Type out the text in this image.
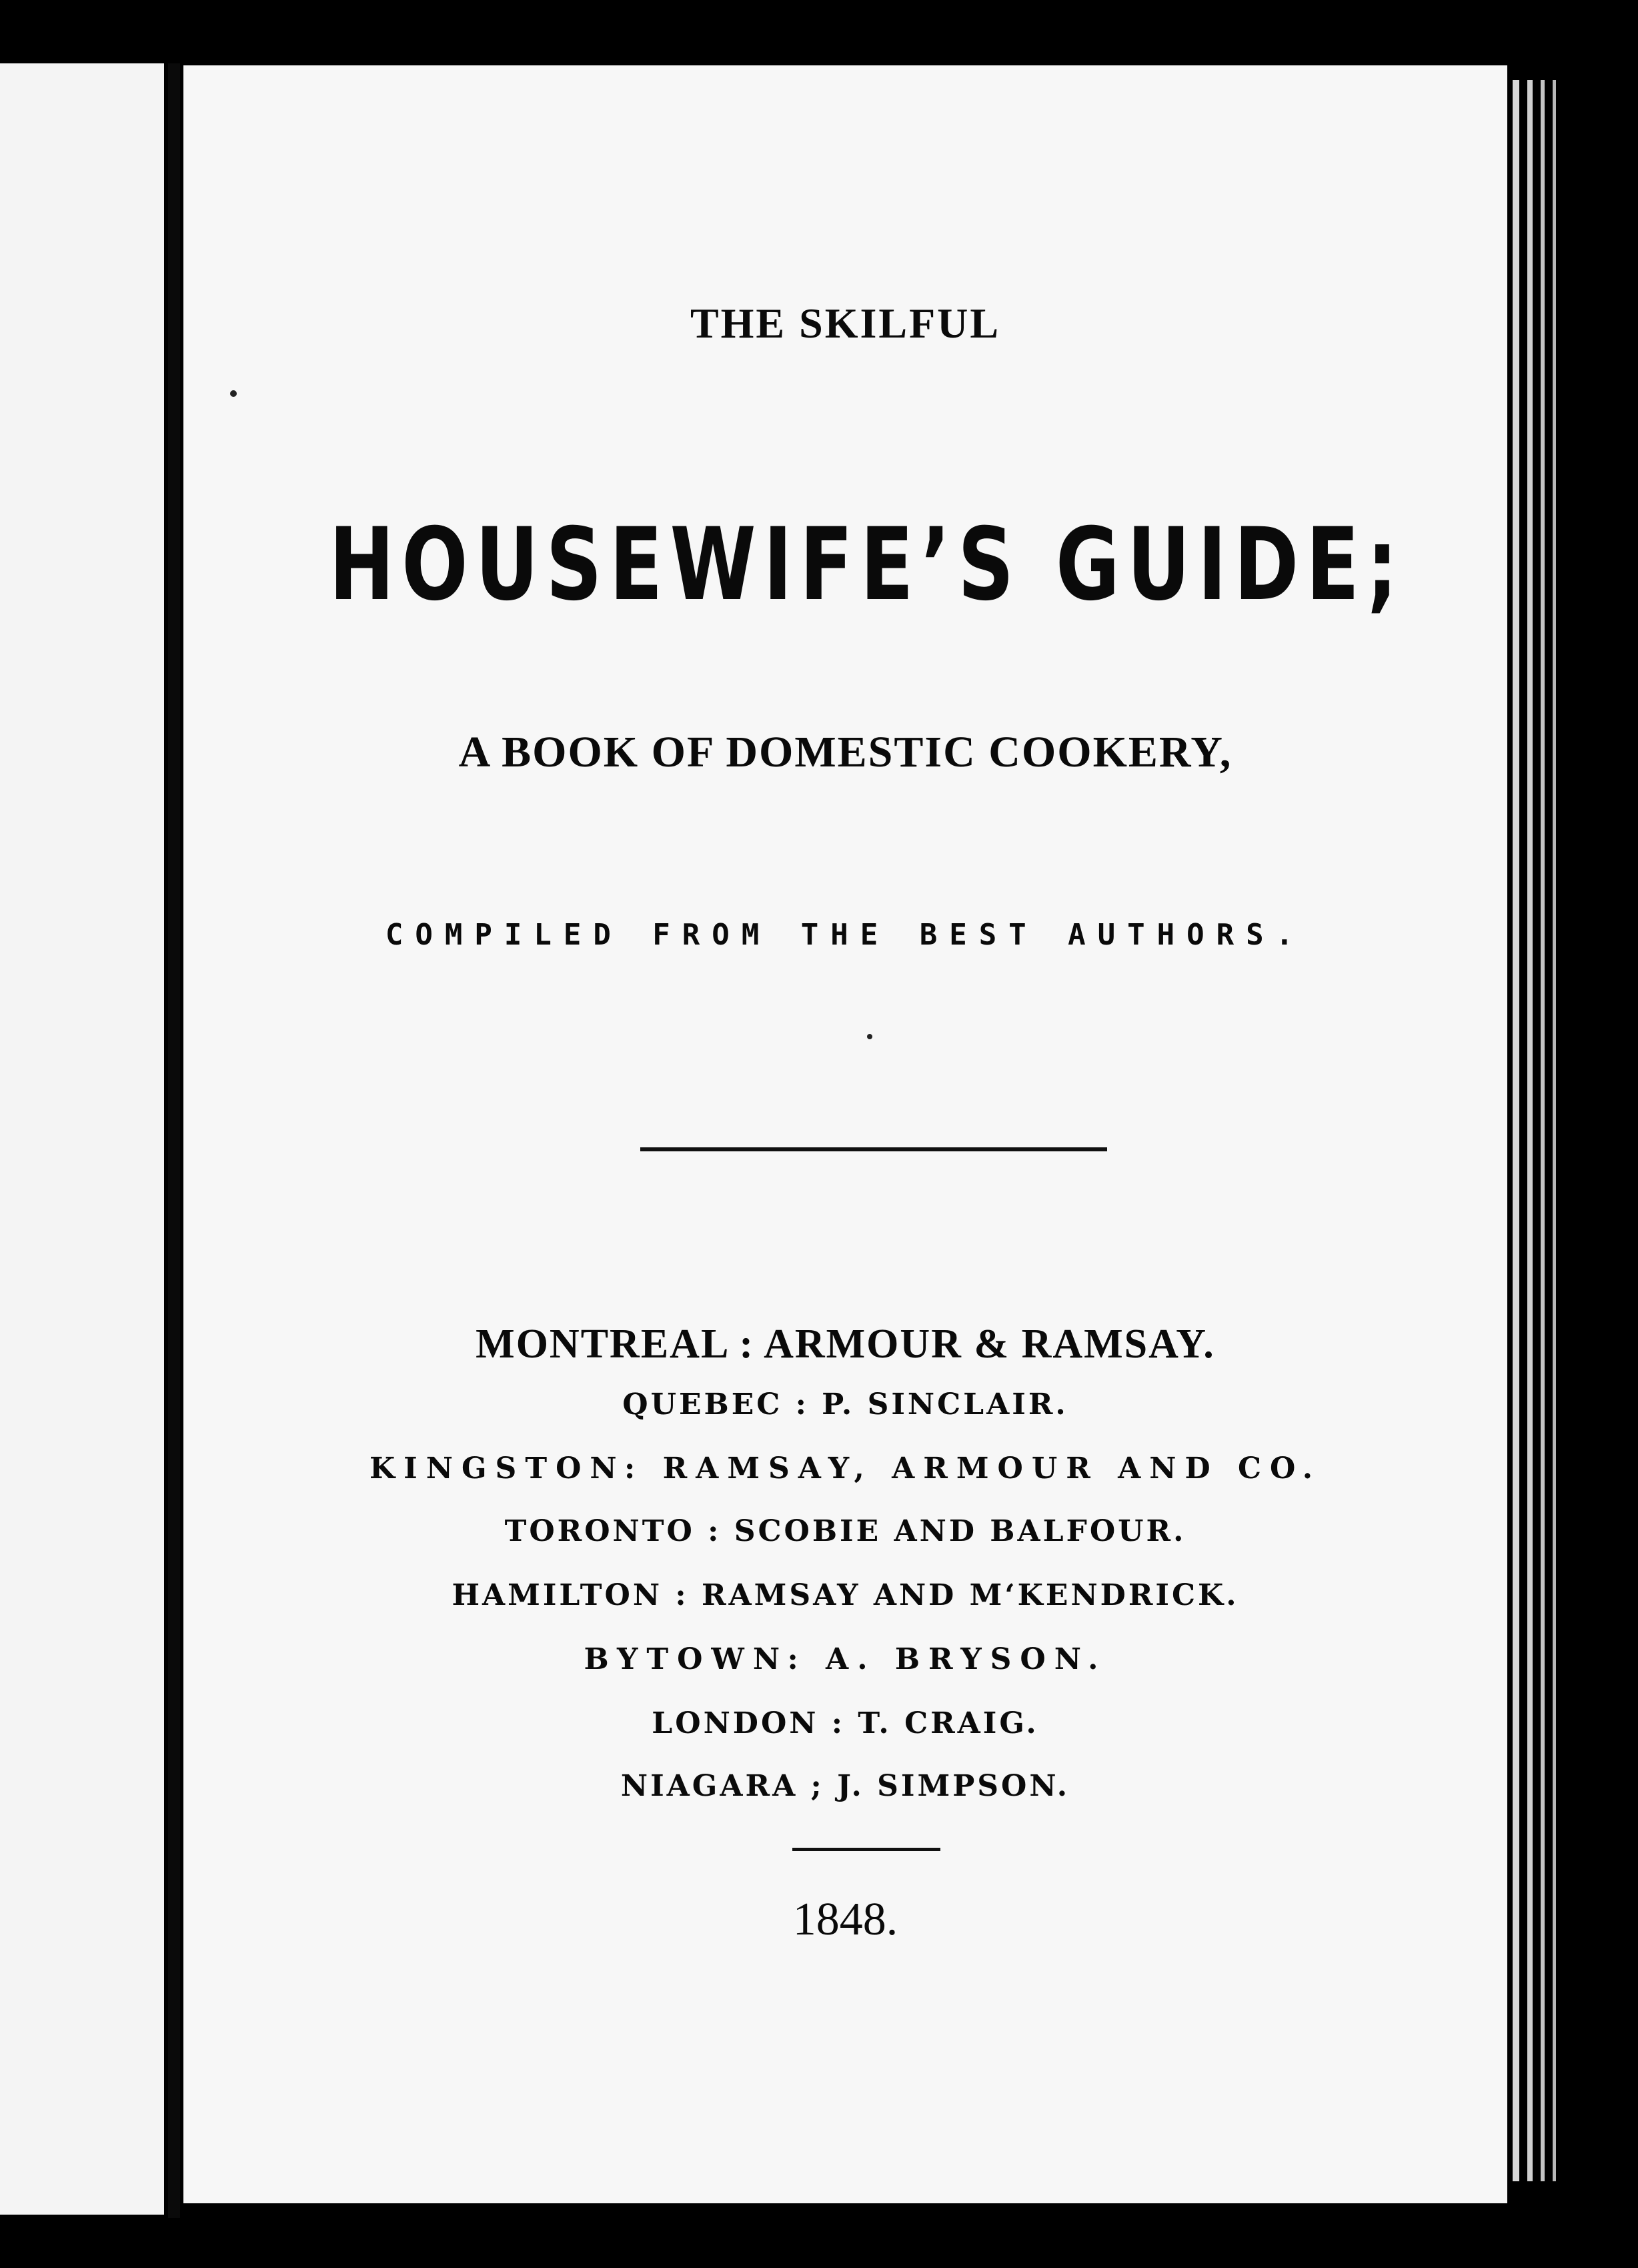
THE SKILFUL

HOUSEWIFE’S GUIDE;

A BOOK OF DOMESTIC COOKERY,

COMPILED FROM THE BEST AUTHORS.

MONTREAL : ARMOUR & RAMSAY.

QUEBEC : P. SINCLAIR.

KINGSTON: RAMSAY, ARMOUR AND CO.

TORONTO : SCOBIE AND BALFOUR.

HAMILTON : RAMSAY AND M‘KENDRICK.

BYTOWN: A. BRYSON.

LONDON : T. CRAIG.

NIAGARA ; J. SIMPSON.

1848.
